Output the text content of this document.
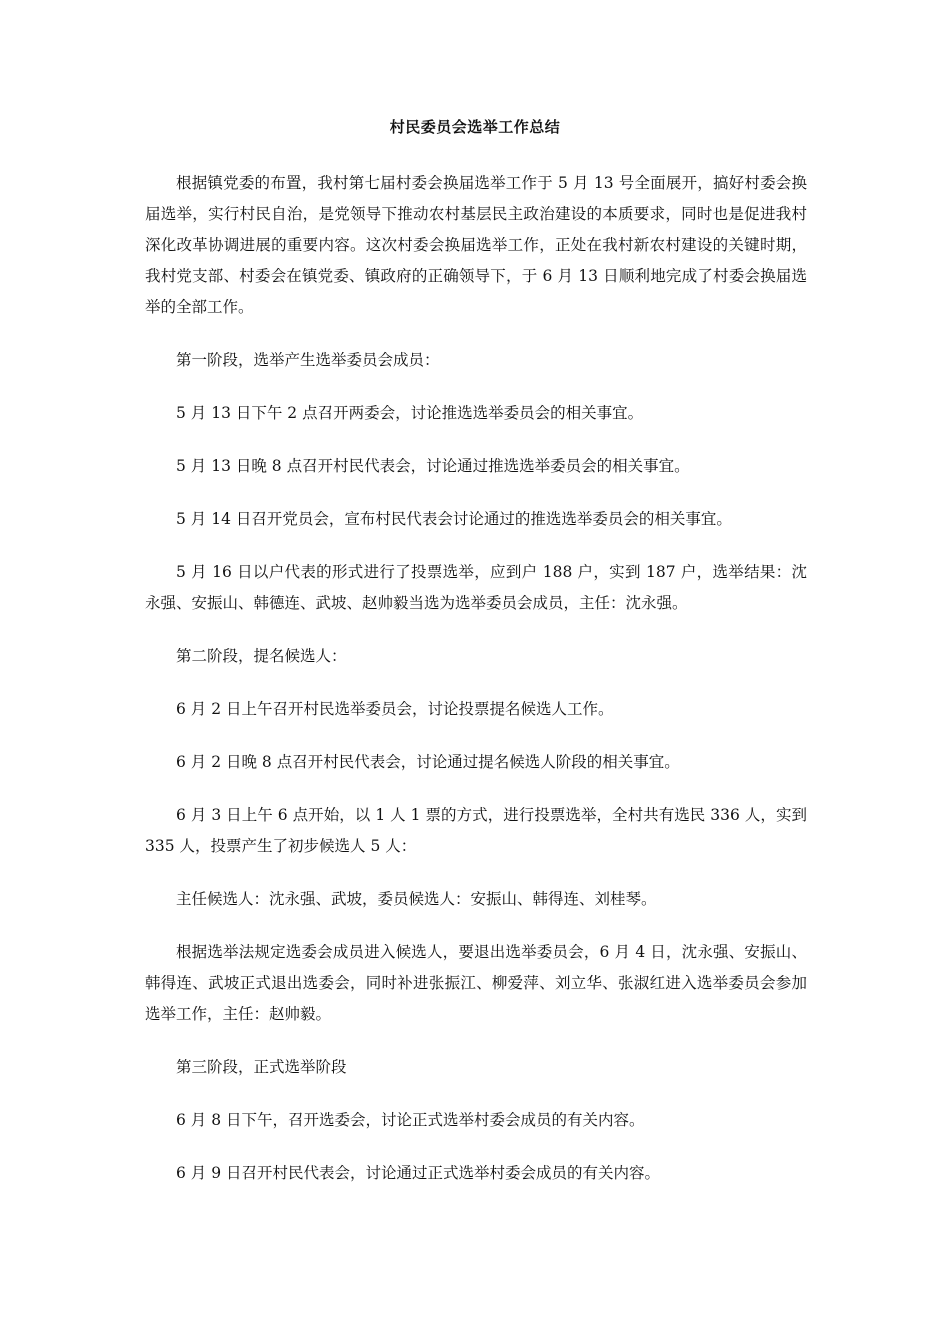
村民委员会选举工作总结

根据镇党委的布置，我村第七届村委会换届选举工作于 5 月 13 号全面展开，搞好村委会换届选举，实行村民自治，是党领导下推动农村基层民主政治建设的本质要求，同时也是促进我村深化改革协调进展的重要内容。这次村委会换届选举工作，正处在我村新农村建设的关键时期，我村党支部、村委会在镇党委、镇政府的正确领导下，于 6 月 13 日顺利地完成了村委会换届选举的全部工作。

第一阶段，选举产生选举委员会成员：

5 月 13 日下午 2 点召开两委会，讨论推选选举委员会的相关事宜。

5 月 13 日晚 8 点召开村民代表会，讨论通过推选选举委员会的相关事宜。

5 月 14 日召开党员会，宣布村民代表会讨论通过的推选选举委员会的相关事宜。

5 月 16 日以户代表的形式进行了投票选举，应到户 188 户，实到 187 户，选举结果：沈永强、安振山、韩德连、武坡、赵帅毅当选为选举委员会成员，主任：沈永强。

第二阶段，提名候选人：

6 月 2 日上午召开村民选举委员会，讨论投票提名候选人工作。

6 月 2 日晚 8 点召开村民代表会，讨论通过提名候选人阶段的相关事宜。

6 月 3 日上午 6 点开始，以 1 人 1 票的方式，进行投票选举，全村共有选民 336 人，实到 335 人，投票产生了初步候选人 5 人：

主任候选人：沈永强、武坡，委员候选人：安振山、韩得连、刘桂琴。

根据选举法规定选委会成员进入候选人，要退出选举委员会，6 月 4 日，沈永强、安振山、韩得连、武坡正式退出选委会，同时补进张振江、柳爱萍、刘立华、张淑红进入选举委员会参加选举工作，主任：赵帅毅。

第三阶段，正式选举阶段

6 月 8 日下午，召开选委会，讨论正式选举村委会成员的有关内容。

6 月 9 日召开村民代表会，讨论通过正式选举村委会成员的有关内容。
